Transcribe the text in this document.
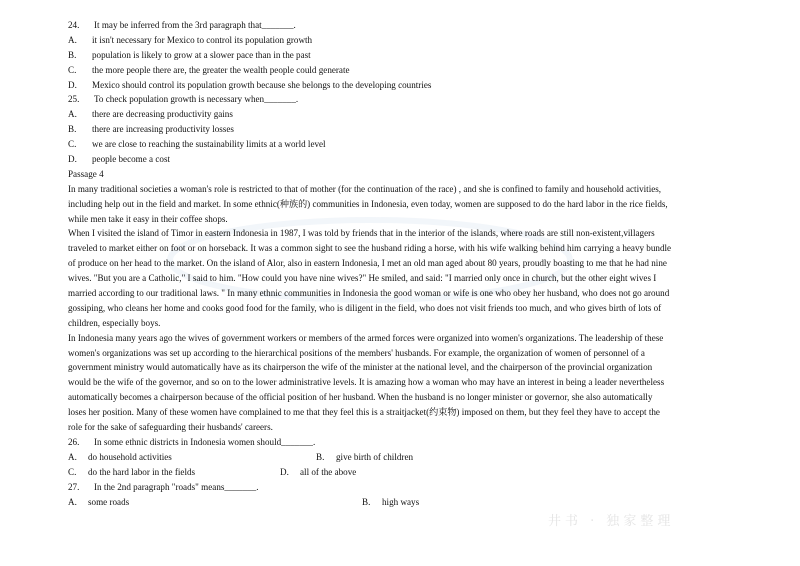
24. It may be inferred from the 3rd paragraph that_______.
A. it isn't necessary for Mexico to control its population growth
B. population is likely to grow at a slower pace than in the past
C. the more people there are, the greater the wealth people could generate
D. Mexico should control its population growth because she belongs to the developing countries
25. To check population growth is necessary when_______.
A. there are decreasing productivity gains
B. there are increasing productivity losses
C. we are close to reaching the sustainability limits at a world level
D. people become a cost
Passage 4
In many traditional societies a woman's role is restricted to that of mother (for the continuation of the race) , and she is confined to family and household activities,
including help out in the field and market. In some ethnic(种族的) communities in Indonesia, even today, women are supposed to do the hard labor in the rice fields,
while men take it easy in their coffee shops.
When I visited the island of Timor in eastern Indonesia in 1987, I was told by friends that in the interior of the islands, where roads are still non-existent,villagers
traveled to market either on foot or on horseback. It was a common sight to see the husband riding a horse, with his wife walking behind him carrying a heavy bundle
of produce on her head to the market. On the island of Alor, also in eastern Indonesia, I met an old man aged about 80 years, proudly boasting to me that he had nine
wives. "But you are a Catholic," I said to him. "How could you have nine wives?" He smiled, and said: "I married only once in church, but the other eight wives I
married according to our traditional laws. " In many ethnic communities in Indonesia the good woman or wife is one who obey her husband, who does not go around
gossiping, who cleans her home and cooks good food for the family, who is diligent in the field, who does not visit friends too much, and who gives birth of lots of
children, especially boys.
In Indonesia many years ago the wives of government workers or members of the armed forces were organized into women's organizations. The leadership of these
women's organizations was set up according to the hierarchical positions of the members' husbands. For example, the organization of women of personnel of a
government ministry would automatically have as its chairperson the wife of the minister at the national level, and the chairperson of the provincial organization
would be the wife of the governor, and so on to the lower administrative levels. It is amazing how a woman who may have an interest in being a leader nevertheless
automatically becomes a chairperson because of the official position of her husband. When the husband is no longer minister or governor, she also automatically
loses her position. Many of these women have complained to me that they feel this is a straitjacket(约束物) imposed on them, but they feel they have to accept the
role for the sake of safeguarding their husbands' careers.
26. In some ethnic districts in Indonesia women should_______.
A. do household activities	B. give birth of children
C. do the hard labor in the fields	D. all of the above
27. In the 2nd paragraph "roads" means_______.
A. some roads	B. high ways
井书 · 独家整理
